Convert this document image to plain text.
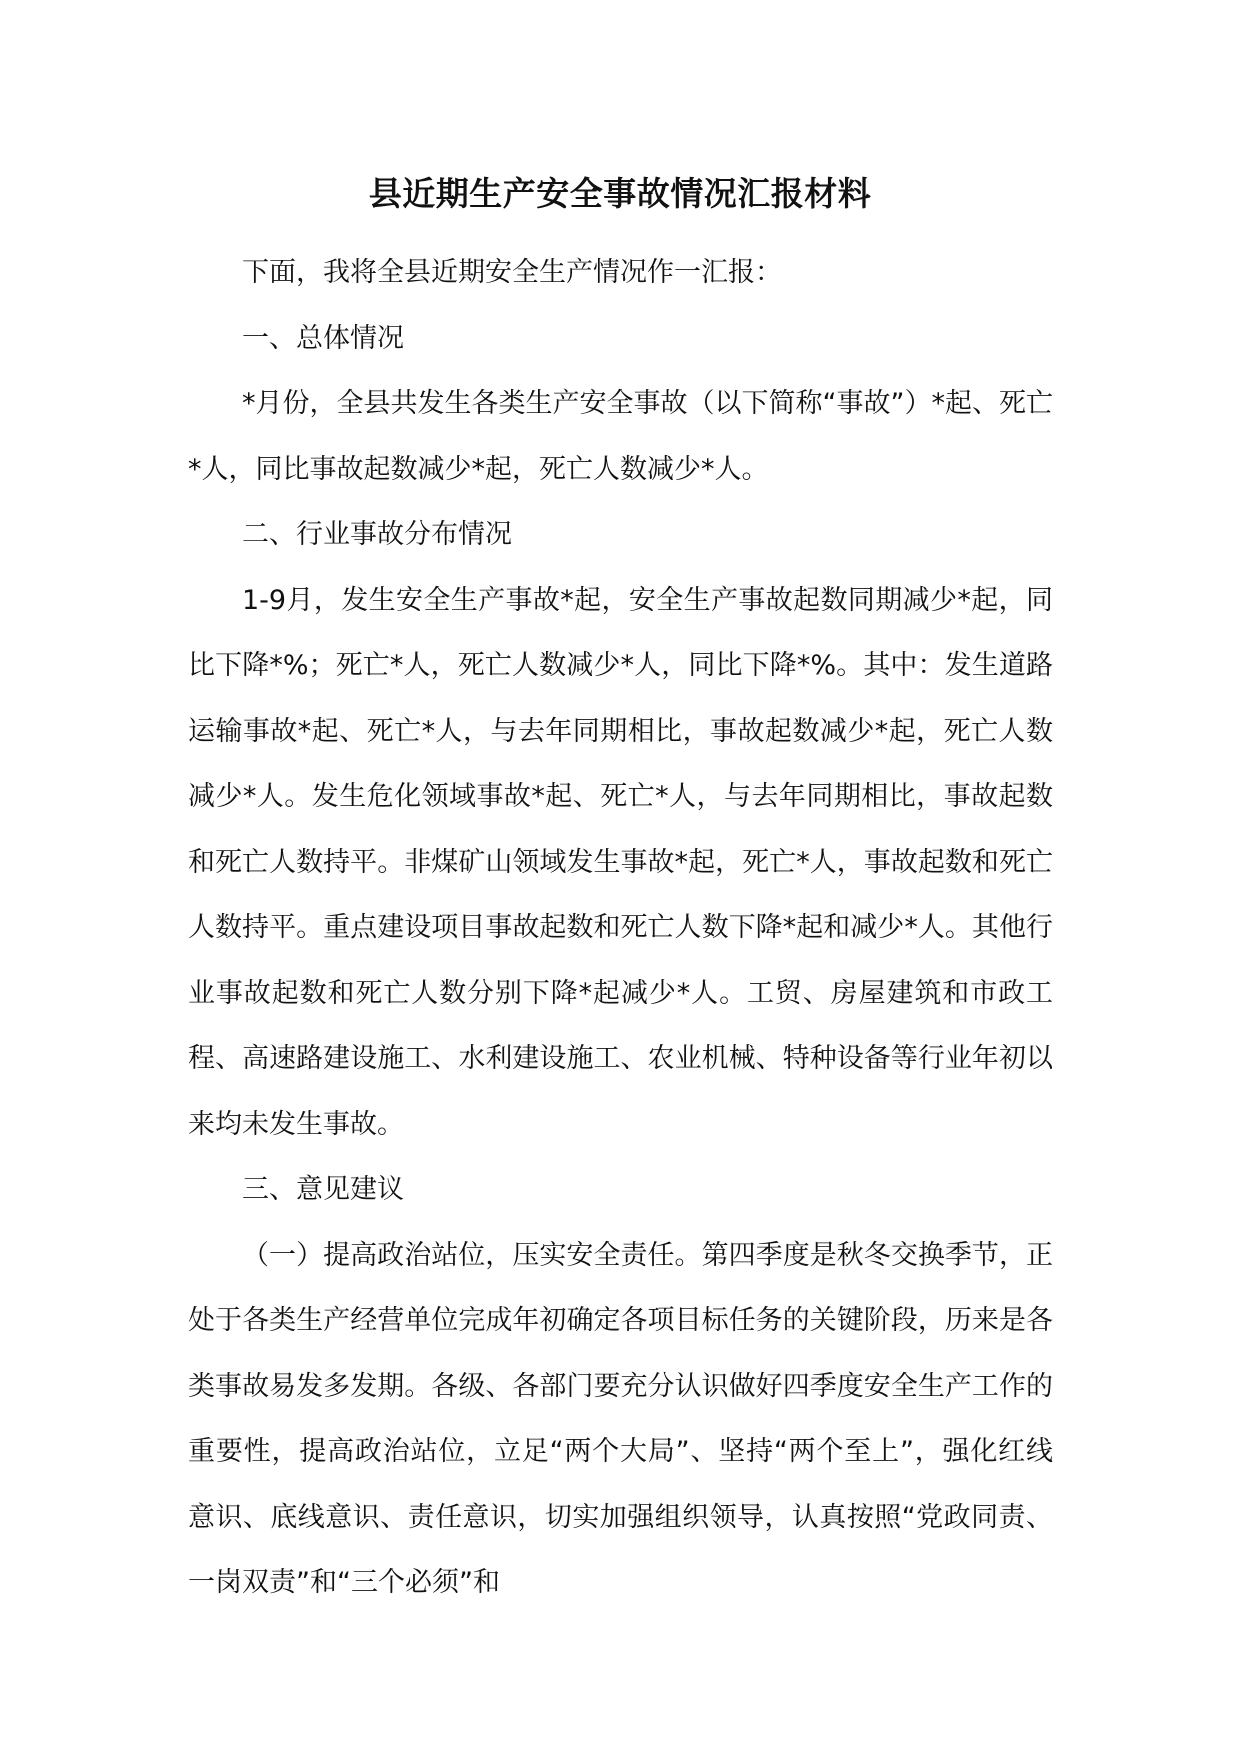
县近期生产安全事故情况汇报材料

下面，我将全县近期安全生产情况作一汇报：

一、总体情况

*月份，全县共发生各类生产安全事故（以下简称“事故”）*起、死亡*人，同比事故起数减少*起，死亡人数减少*人。

二、行业事故分布情况

1-9月，发生安全生产事故*起，安全生产事故起数同期减少*起，同比下降*%；死亡*人，死亡人数减少*人，同比下降*%。其中：发生道路运输事故*起、死亡*人，与去年同期相比，事故起数减少*起，死亡人数减少*人。发生危化领域事故*起、死亡*人，与去年同期相比，事故起数和死亡人数持平。非煤矿山领域发生事故*起，死亡*人，事故起数和死亡人数持平。重点建设项目事故起数和死亡人数下降*起和减少*人。其他行业事故起数和死亡人数分别下降*起减少*人。工贸、房屋建筑和市政工程、高速路建设施工、水利建设施工、农业机械、特种设备等行业年初以来均未发生事故。

三、意见建议

（一）提高政治站位，压实安全责任。第四季度是秋冬交换季节，正处于各类生产经营单位完成年初确定各项目标任务的关键阶段，历来是各类事故易发多发期。各级、各部门要充分认识做好四季度安全生产工作的重要性，提高政治站位，立足“两个大局”、坚持“两个至上”，强化红线意识、底线意识、责任意识，切实加强组织领导，认真按照“党政同责、一岗双责”和“三个必须”和
